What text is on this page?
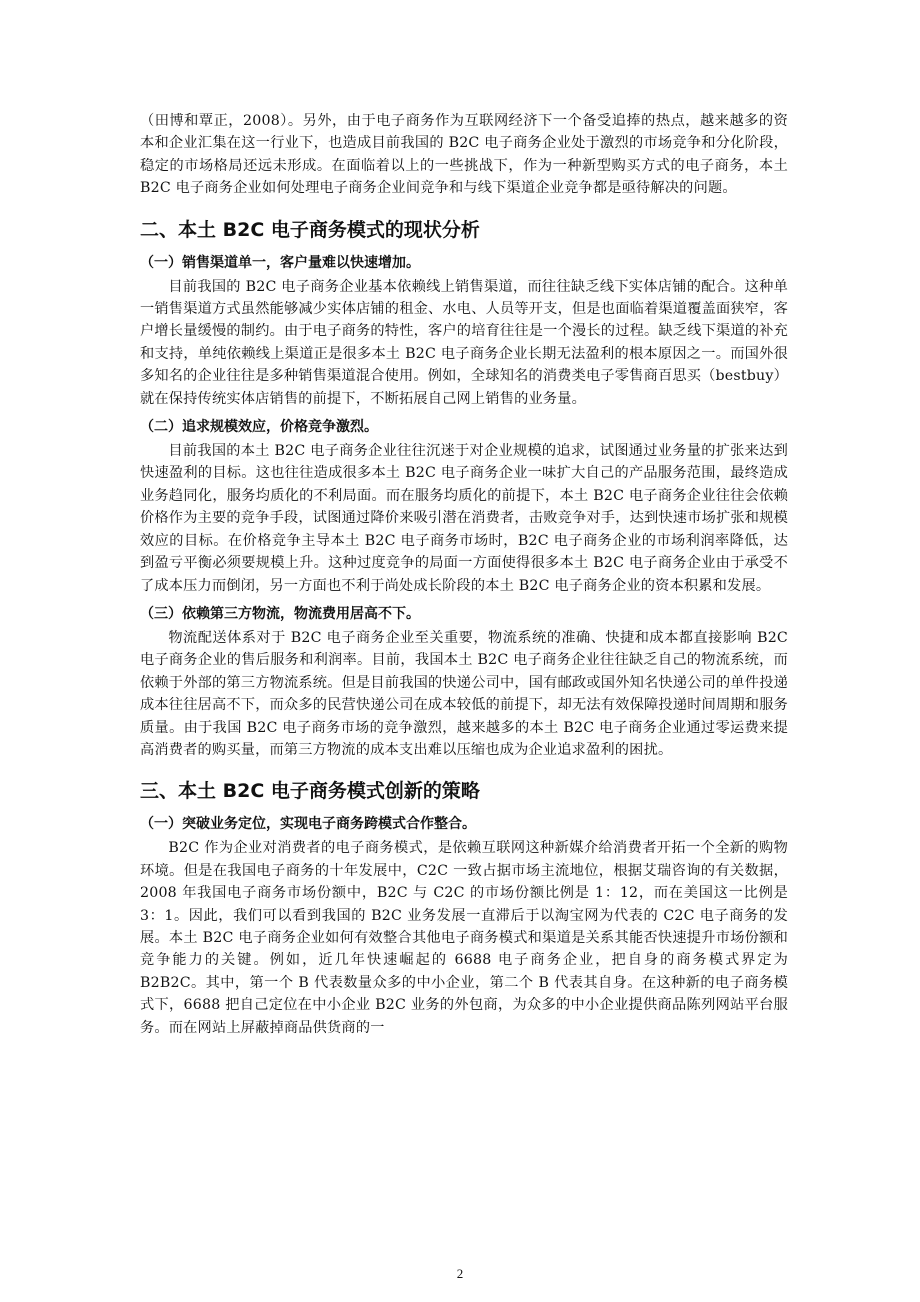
（田博和覃正，2008）。另外，由于电子商务作为互联网经济下一个备受追捧的热点，越来越多的资本和企业汇集在这一行业下，也造成目前我国的 B2C 电子商务企业处于激烈的市场竞争和分化阶段，稳定的市场格局还远未形成。在面临着以上的一些挑战下，作为一种新型购买方式的电子商务，本土 B2C 电子商务企业如何处理电子商务企业间竞争和与线下渠道企业竞争都是亟待解决的问题。

二、本土 B2C 电子商务模式的现状分析
（一）销售渠道单一，客户量难以快速增加。

目前我国的 B2C 电子商务企业基本依赖线上销售渠道，而往往缺乏线下实体店铺的配合。这种单一销售渠道方式虽然能够减少实体店铺的租金、水电、人员等开支，但是也面临着渠道覆盖面狭窄，客户增长量缓慢的制约。由于电子商务的特性，客户的培育往往是一个漫长的过程。缺乏线下渠道的补充和支持，单纯依赖线上渠道正是很多本土 B2C 电子商务企业长期无法盈利的根本原因之一。而国外很多知名的企业往往是多种销售渠道混合使用。例如，全球知名的消费类电子零售商百思买（bestbuy）就在保持传统实体店销售的前提下，不断拓展自己网上销售的业务量。

（二）追求规模效应，价格竞争激烈。

目前我国的本土 B2C 电子商务企业往往沉迷于对企业规模的追求，试图通过业务量的扩张来达到快速盈利的目标。这也往往造成很多本土 B2C 电子商务企业一味扩大自己的产品服务范围，最终造成业务趋同化，服务均质化的不利局面。而在服务均质化的前提下，本土 B2C 电子商务企业往往会依赖价格作为主要的竞争手段，试图通过降价来吸引潜在消费者，击败竞争对手，达到快速市场扩张和规模效应的目标。在价格竞争主导本土 B2C 电子商务市场时，B2C 电子商务企业的市场利润率降低，达到盈亏平衡必须要规模上升。这种过度竞争的局面一方面使得很多本土 B2C 电子商务企业由于承受不了成本压力而倒闭，另一方面也不利于尚处成长阶段的本土 B2C 电子商务企业的资本积累和发展。

（三）依赖第三方物流，物流费用居高不下。

物流配送体系对于 B2C 电子商务企业至关重要，物流系统的准确、快捷和成本都直接影响 B2C 电子商务企业的售后服务和利润率。目前，我国本土 B2C 电子商务企业往往缺乏自己的物流系统，而依赖于外部的第三方物流系统。但是目前我国的快递公司中，国有邮政或国外知名快递公司的单件投递成本往往居高不下，而众多的民营快递公司在成本较低的前提下，却无法有效保障投递时间周期和服务质量。由于我国 B2C 电子商务市场的竞争激烈，越来越多的本土 B2C 电子商务企业通过零运费来提高消费者的购买量，而第三方物流的成本支出难以压缩也成为企业追求盈利的困扰。

三、本土 B2C 电子商务模式创新的策略
（一）突破业务定位，实现电子商务跨模式合作整合。

B2C 作为企业对消费者的电子商务模式，是依赖互联网这种新媒介给消费者开拓一个全新的购物环境。但是在我国电子商务的十年发展中，C2C 一致占据市场主流地位，根据艾瑞咨询的有关数据，2008 年我国电子商务市场份额中，B2C 与 C2C 的市场份额比例是 1：12，而在美国这一比例是 3：1。因此，我们可以看到我国的 B2C 业务发展一直滞后于以淘宝网为代表的 C2C 电子商务的发展。本土 B2C 电子商务企业如何有效整合其他电子商务模式和渠道是关系其能否快速提升市场份额和竞争能力的关键。例如，近几年快速崛起的 6688 电子商务企业，把自身的商务模式界定为 B2B2C。其中，第一个 B 代表数量众多的中小企业，第二个 B 代表其自身。在这种新的电子商务模式下，6688 把自己定位在中小企业 B2C 业务的外包商，为众多的中小企业提供商品陈列网站平台服务。而在网站上屏蔽掉商品供货商的一

2
